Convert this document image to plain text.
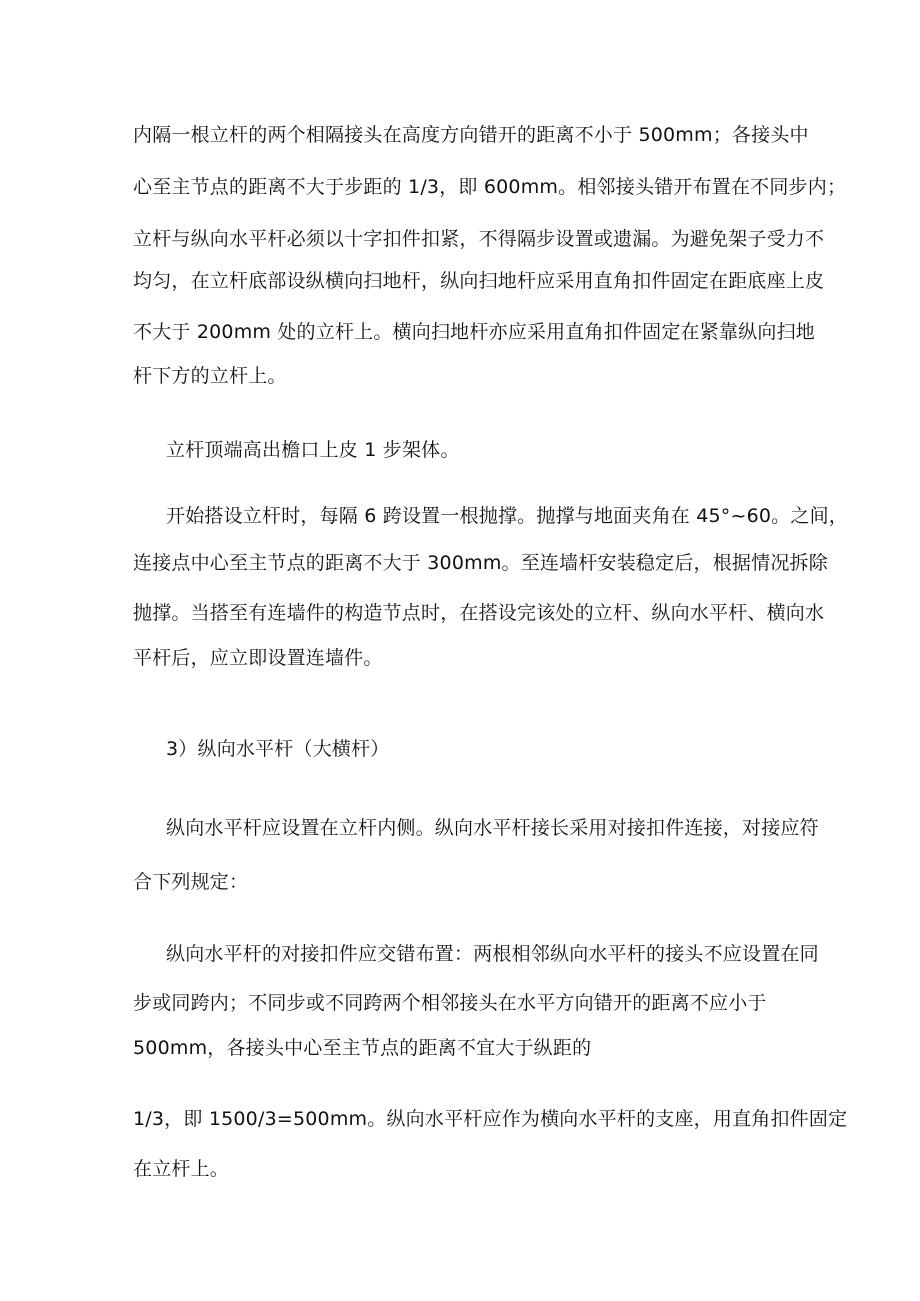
内隔一根立杆的两个相隔接头在高度方向错开的距离不小于 500mm；各接头中
心至主节点的距离不大于步距的 1/3，即 600mm。相邻接头错开布置在不同步内；
立杆与纵向水平杆必须以十字扣件扣紧，不得隔步设置或遗漏。为避免架子受力不
均匀，在立杆底部设纵横向扫地杆，纵向扫地杆应采用直角扣件固定在距底座上皮
不大于 200mm 处的立杆上。横向扫地杆亦应采用直角扣件固定在紧靠纵向扫地
杆下方的立杆上。
立杆顶端高出檐口上皮 1 步架体。
开始搭设立杆时，每隔 6 跨设置一根抛撑。抛撑与地面夹角在 45°~60。之间，
连接点中心至主节点的距离不大于 300mm。至连墙杆安装稳定后，根据情况拆除
抛撑。当搭至有连墙件的构造节点时，在搭设完该处的立杆、纵向水平杆、横向水
平杆后，应立即设置连墙件。
3）纵向水平杆（大横杆）
纵向水平杆应设置在立杆内侧。纵向水平杆接长采用对接扣件连接，对接应符
合下列规定：
纵向水平杆的对接扣件应交错布置：两根相邻纵向水平杆的接头不应设置在同
步或同跨内；不同步或不同跨两个相邻接头在水平方向错开的距离不应小于
500mm，各接头中心至主节点的距离不宜大于纵距的
1/3，即 1500/3=500mm。纵向水平杆应作为横向水平杆的支座，用直角扣件固定
在立杆上。
